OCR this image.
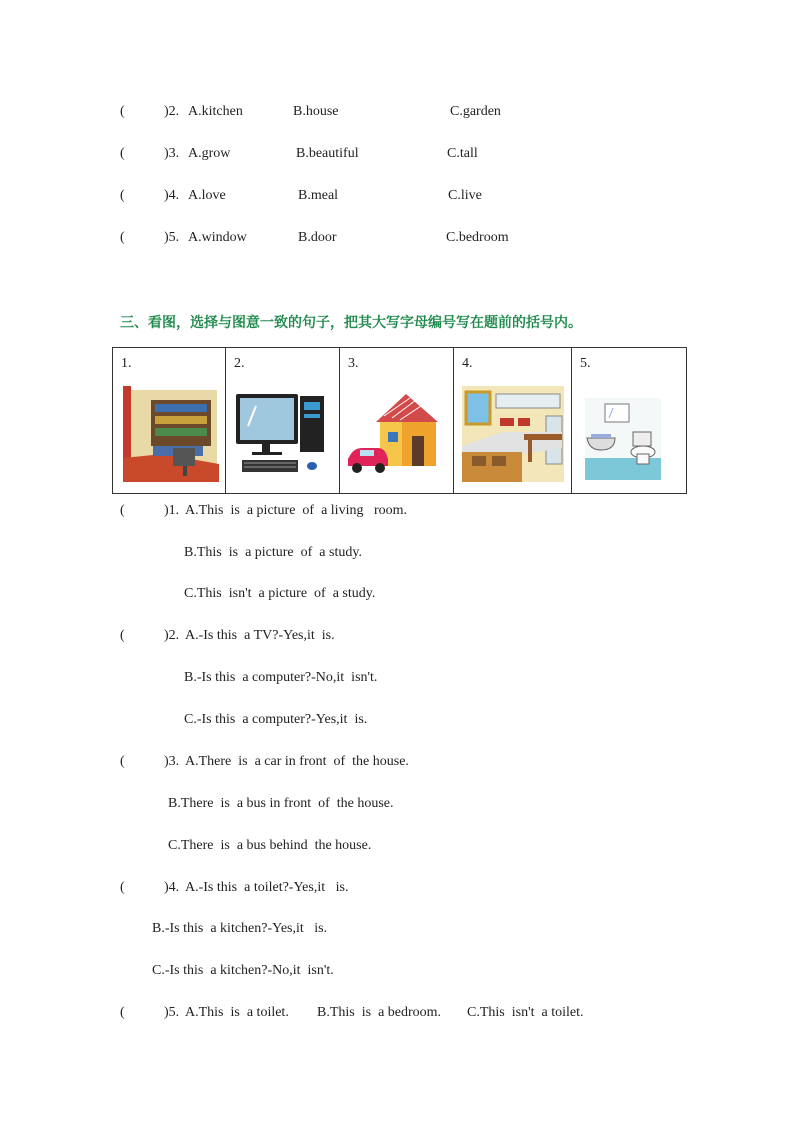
(	)2. A.kitchen	B.house	C.garden
(	)3. A.grow	B.beautiful	C.tall
(	)4. A.love	B.meal	C.live
(	)5. A.window	B.door	C.bedroom
三、看图，选择与图意一致的句子，把其大写字母编号写在题前的括号内。
1.	2.	3.	4.	5.
(	)1. A.This  is  a picture  of  a living   room.
B.This  is  a picture  of  a study.
C.This  isn't  a picture  of  a study.
(	)2. A.-Is this  a TV?-Yes,it  is.
B.-Is this  a computer?-No,it  isn't.
C.-Is this  a computer?-Yes,it  is.
(	)3. A.There  is  a car in front  of  the house.
B.There  is  a bus in front  of  the house.
C.There  is  a bus behind  the house.
(	)4. A.-Is this  a toilet?-Yes,it   is.
B.-Is this  a kitchen?-Yes,it   is.
C.-Is this  a kitchen?-No,it  isn't.
(	)5. A.This  is  a toilet. B.This  is  a bedroom. C.This  isn't  a toilet.
